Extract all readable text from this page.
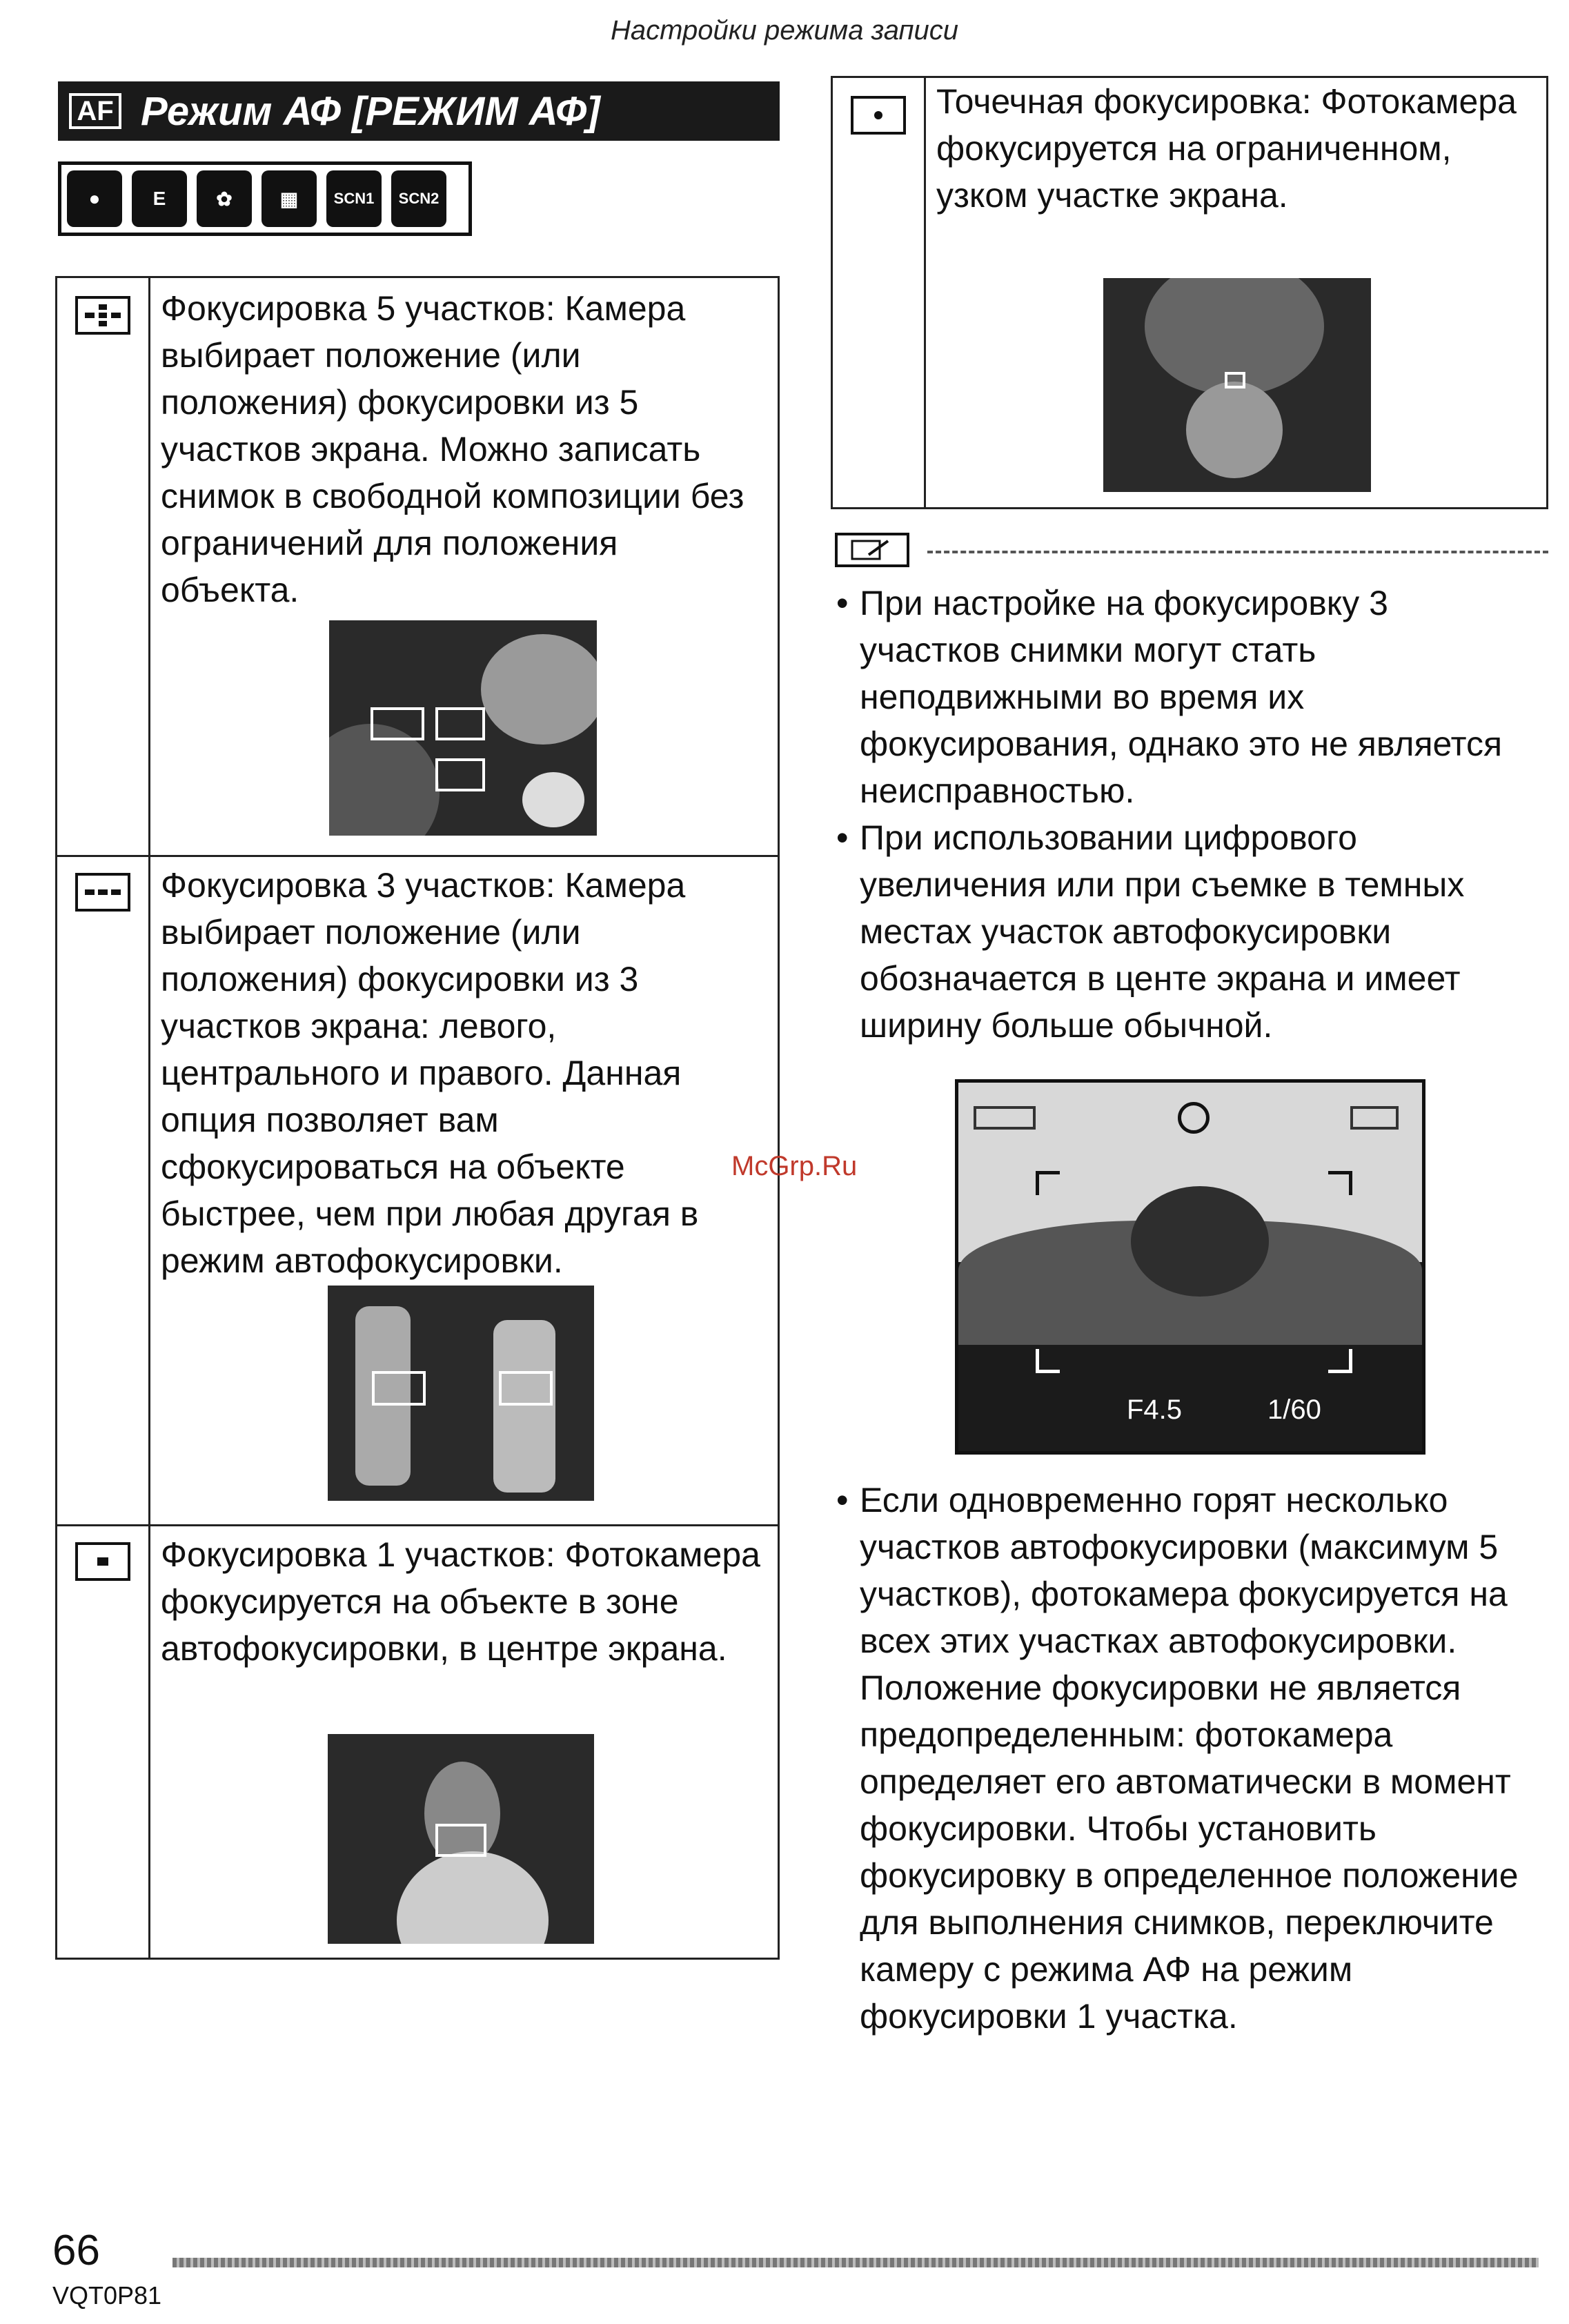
Настройки режима записи
AF Режим АФ [РЕЖИМ АФ]
●	E	✿	▦	SCN1	SCN2
Фокусировка 5 участков: Камера выбирает положение (или положения) фокусировки из 5 участков экрана. Можно записать снимок в свободной композиции без ограничений для положения объекта.
Фокусировка 3 участков: Камера выбирает положение (или положения) фокусировки из 3 участков экрана: левого, центрального и правого. Данная опция позволяет вам сфокусироваться на объекте быстрее, чем при любая другая в режим автофокусировки.
Фокусировка 1 участков: Фотокамера фокусируется на объекте в зоне автофокусировки, в центре экрана.
Точечная фокусировка: Фотокамера фокусируется на ограниченном, узком участке экрана.
• При настройке на фокусировку 3 участков снимки могут стать неподвижными во время их фокусирования, однако это не является неисправностью.
• При использовании цифрового увеличения или при съемке в темных местах участок автофокусировки обозначается в центе экрана и имеет ширину больше обычной.
F4.5	1/60
• Если одновременно горят несколько участков автофокусировки (максимум 5 участков), фотокамера фокусируется на всех этих участках автофокусировки.
Положение фокусировки не является предопределенным: фотокамера определяет его автоматически в момент фокусировки. Чтобы установить фокусировку в определенное положение для выполнения снимков, переключите камеру с режима АФ на режим фокусировки 1 участка.
McGrp.Ru
66
VQT0P81
